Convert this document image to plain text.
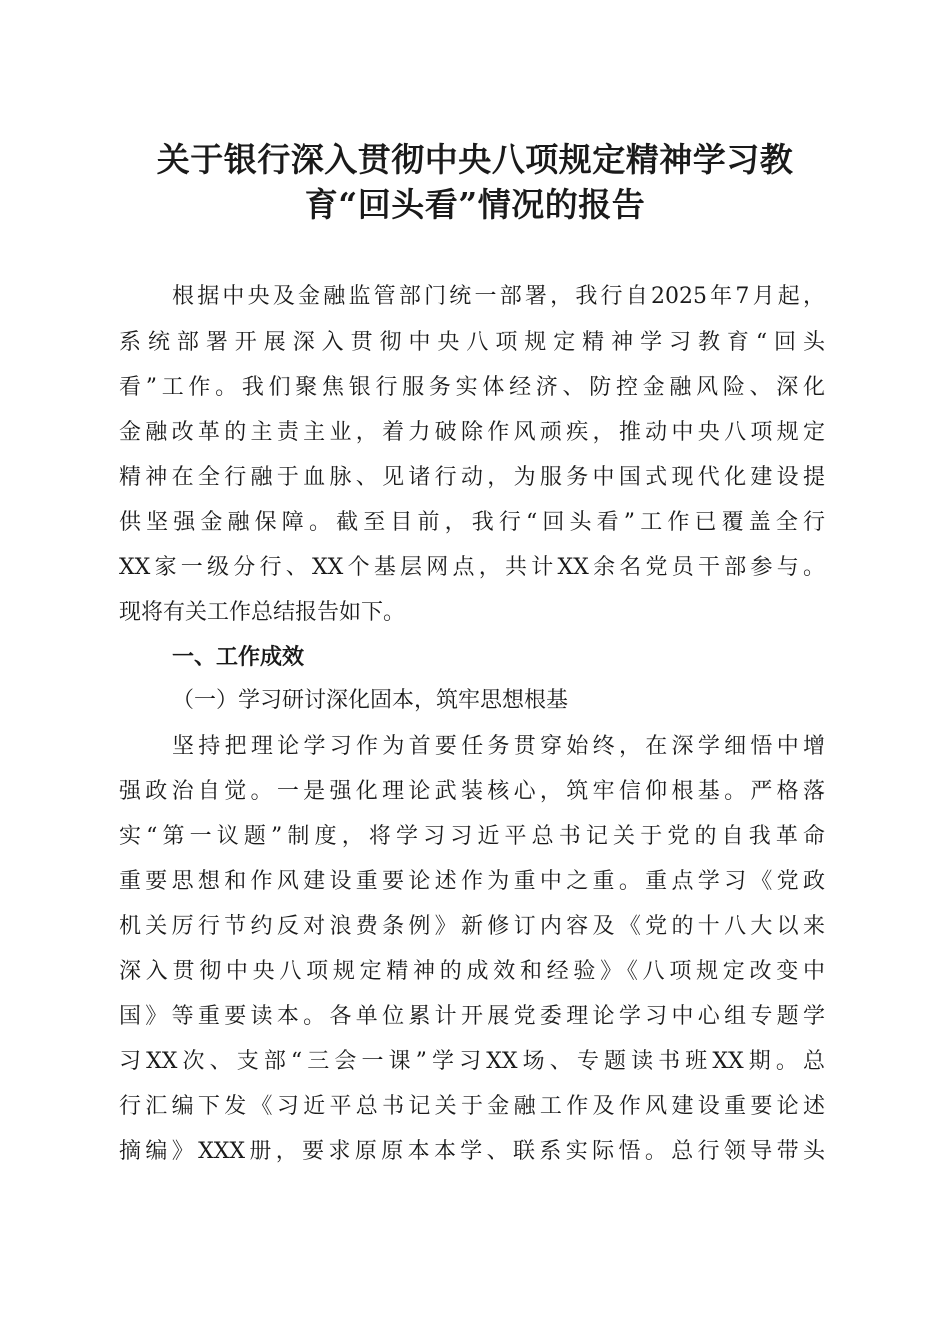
关于银行深入贯彻中央八项规定精神学习教
育“回头看”情况的报告
根据中央及金融监管部门统一部署，我行自2025年7月起，
系统部署开展深入贯彻中央八项规定精神学习教育“回头
看”工作。我们聚焦银行服务实体经济、防控金融风险、深化
金融改革的主责主业，着力破除作风顽疾，推动中央八项规定
精神在全行融于血脉、见诸行动，为服务中国式现代化建设提
供坚强金融保障。截至目前，我行“回头看”工作已覆盖全行
XX家一级分行、XX个基层网点，共计XX余名党员干部参与。
现将有关工作总结报告如下。
一、工作成效
（一）学习研讨深化固本，筑牢思想根基
坚持把理论学习作为首要任务贯穿始终，在深学细悟中增
强政治自觉。一是强化理论武装核心，筑牢信仰根基。严格落
实“第一议题”制度，将学习习近平总书记关于党的自我革命
重要思想和作风建设重要论述作为重中之重。重点学习《党政
机关厉行节约反对浪费条例》新修订内容及《党的十八大以来
深入贯彻中央八项规定精神的成效和经验》《八项规定改变中
国》等重要读本。各单位累计开展党委理论学习中心组专题学
习XX次、支部“三会一课”学习XX场、专题读书班XX期。总
行汇编下发《习近平总书记关于金融工作及作风建设重要论述
摘编》XXX册，要求原原本本学、联系实际悟。总行领导带头
